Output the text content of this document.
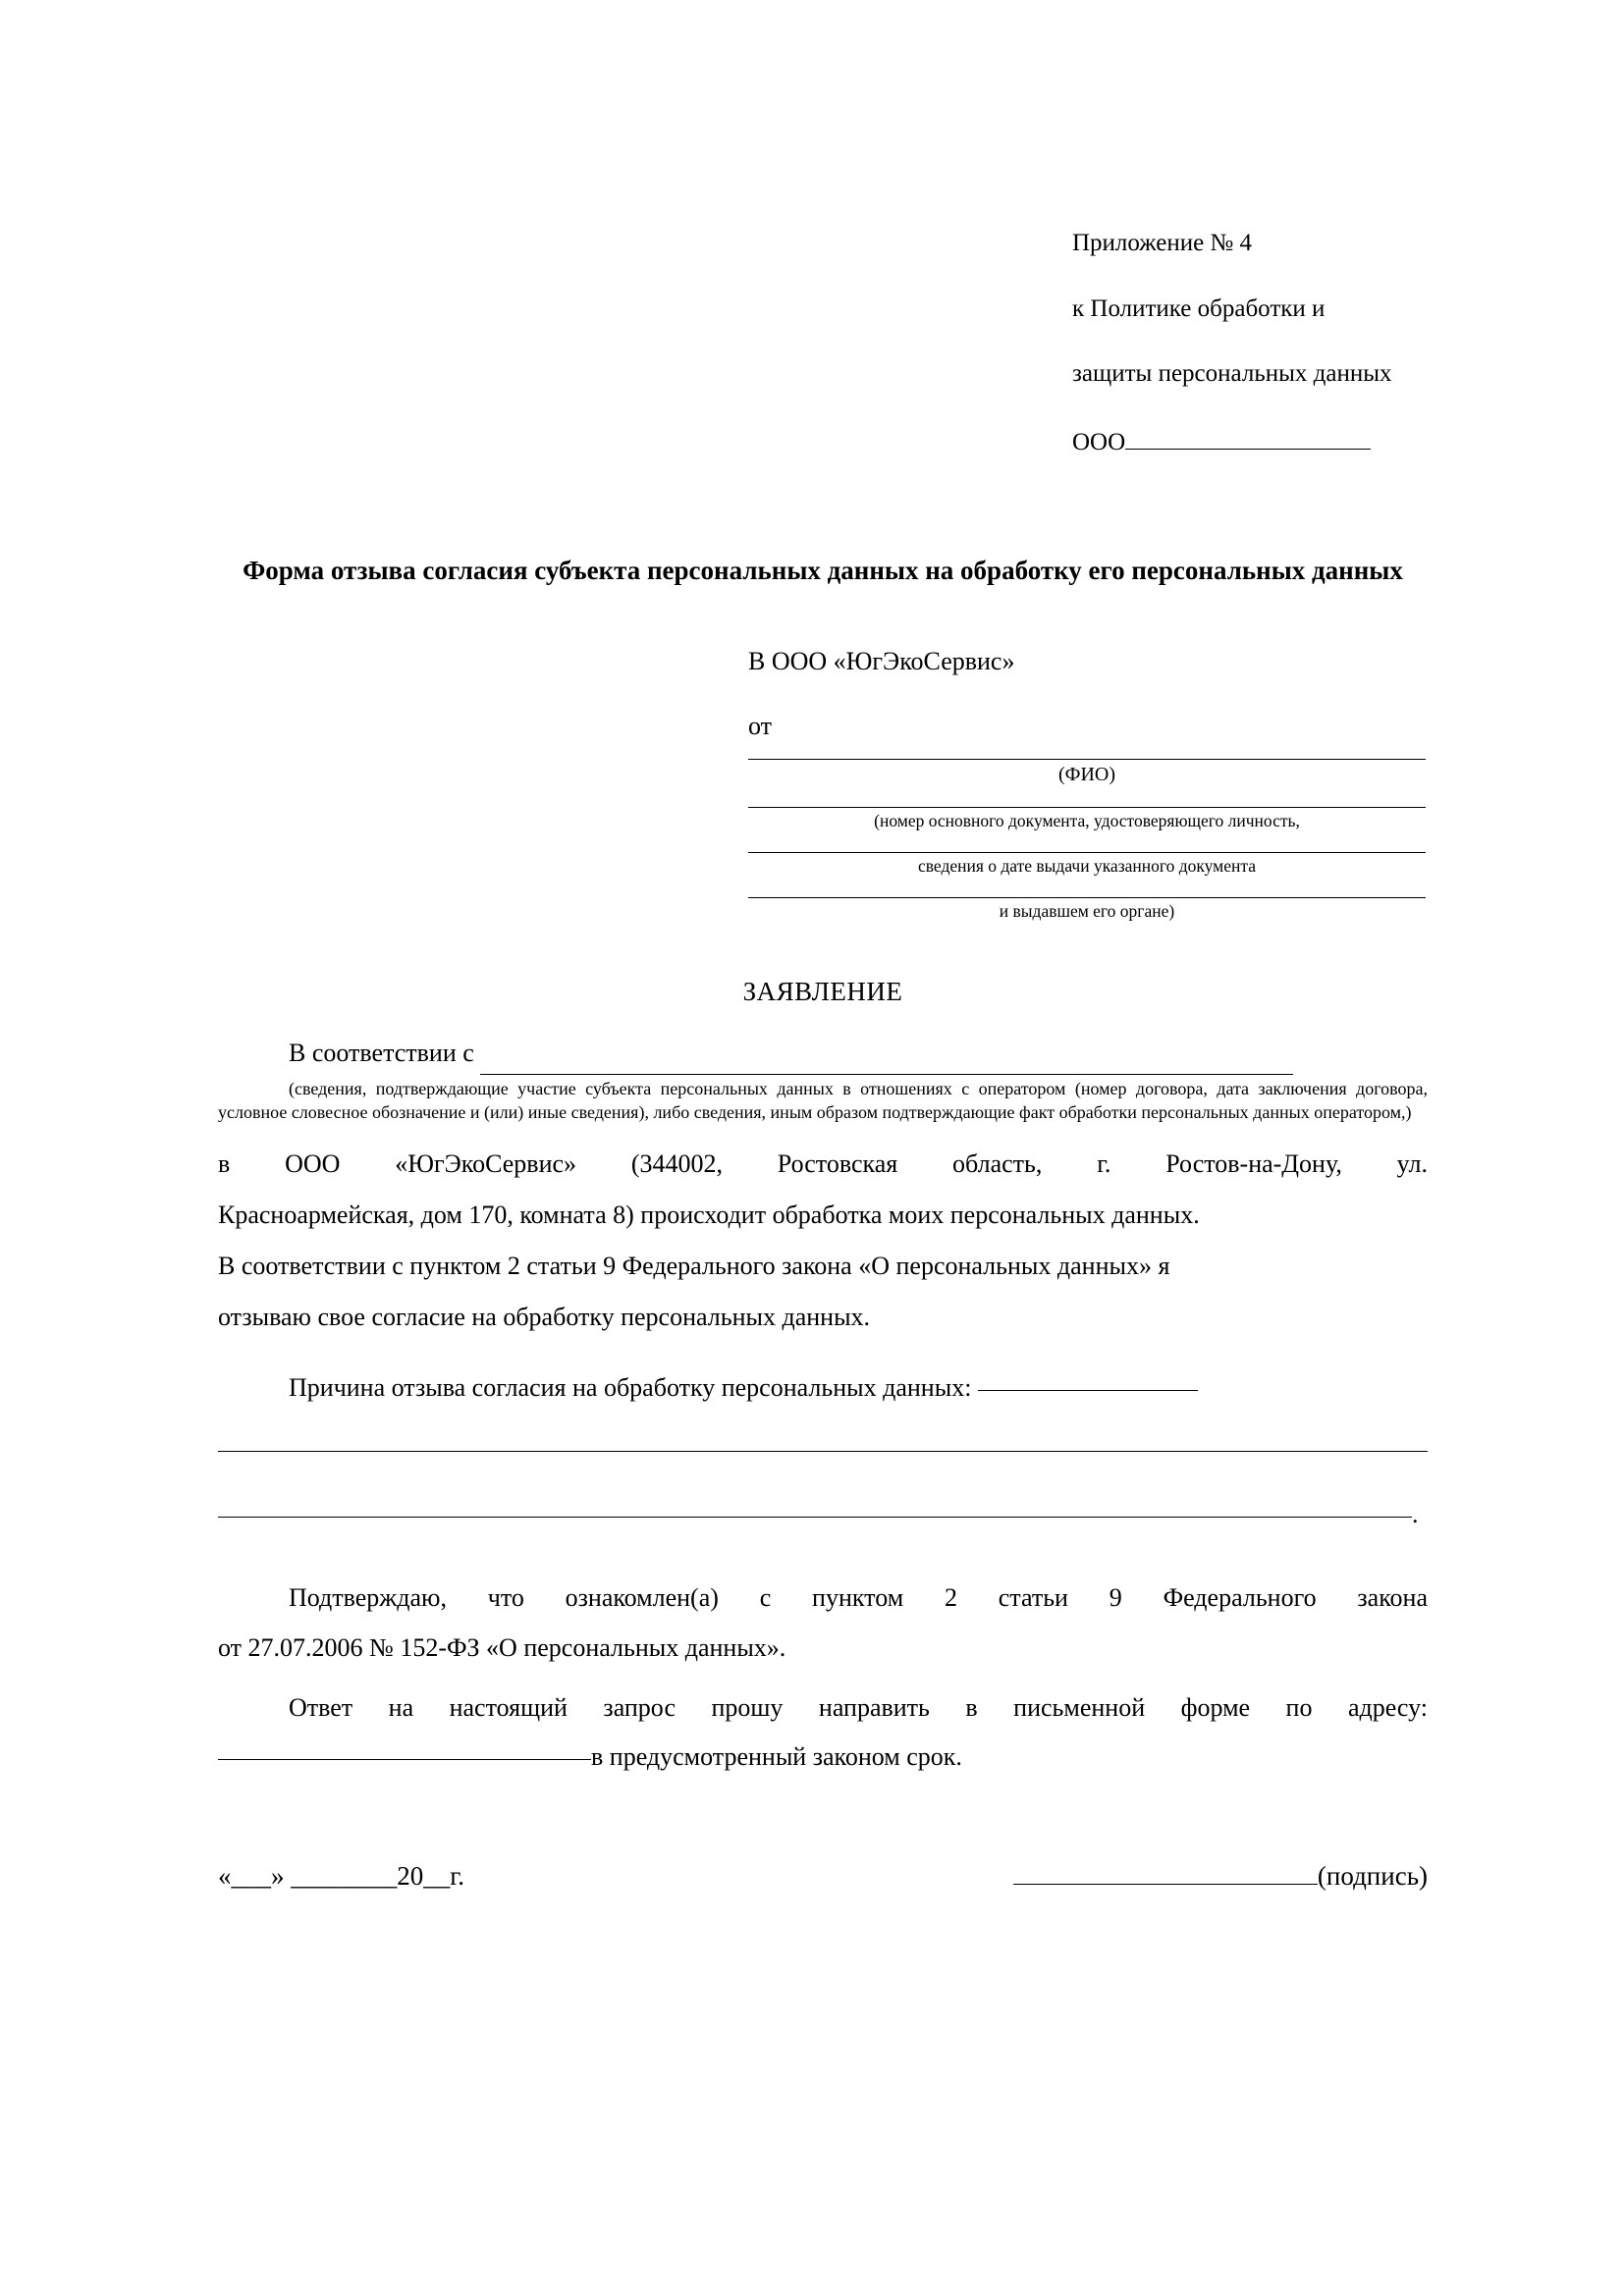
Приложение № 4

к Политике обработки и

защиты персональных данных

ООО

Форма отзыва согласия субъекта персональных данных на обработку его персональных данных
В ООО «ЮгЭкоСервис»
от
(ФИО)
(номер основного документа, удостоверяющего личность,
сведения о дате выдачи указанного документа
и выдавшем его органе)
ЗАЯВЛЕНИЕ
В соответствии с
(сведения, подтверждающие участие субъекта персональных данных в отношениях с оператором (номер договора, дата заключения договора, условное словесное обозначение и (или) иные сведения), либо сведения, иным образом подтверждающие факт обработки персональных данных оператором,)
в ООО «ЮгЭкоСервис» (344002, Ростовская область, г. Ростов-на-Дону, ул.
Красноармейская, дом 170, комната 8) происходит обработка моих персональных данных.
В соответствии с пунктом 2 статьи 9 Федерального закона «О персональных данных» я
отзываю свое согласие на обработку персональных данных.
Причина отзыва согласия на обработку персональных данных:
.
Подтверждаю, что ознакомлен(а) с пунктом 2 статьи 9 Федерального закона
от 27.07.2006 № 152-ФЗ «О персональных данных».
Ответ на настоящий запрос прошу направить в письменной форме по адресу:
в предусмотренный законом срок.
«___» ________20__г.	(подпись)
